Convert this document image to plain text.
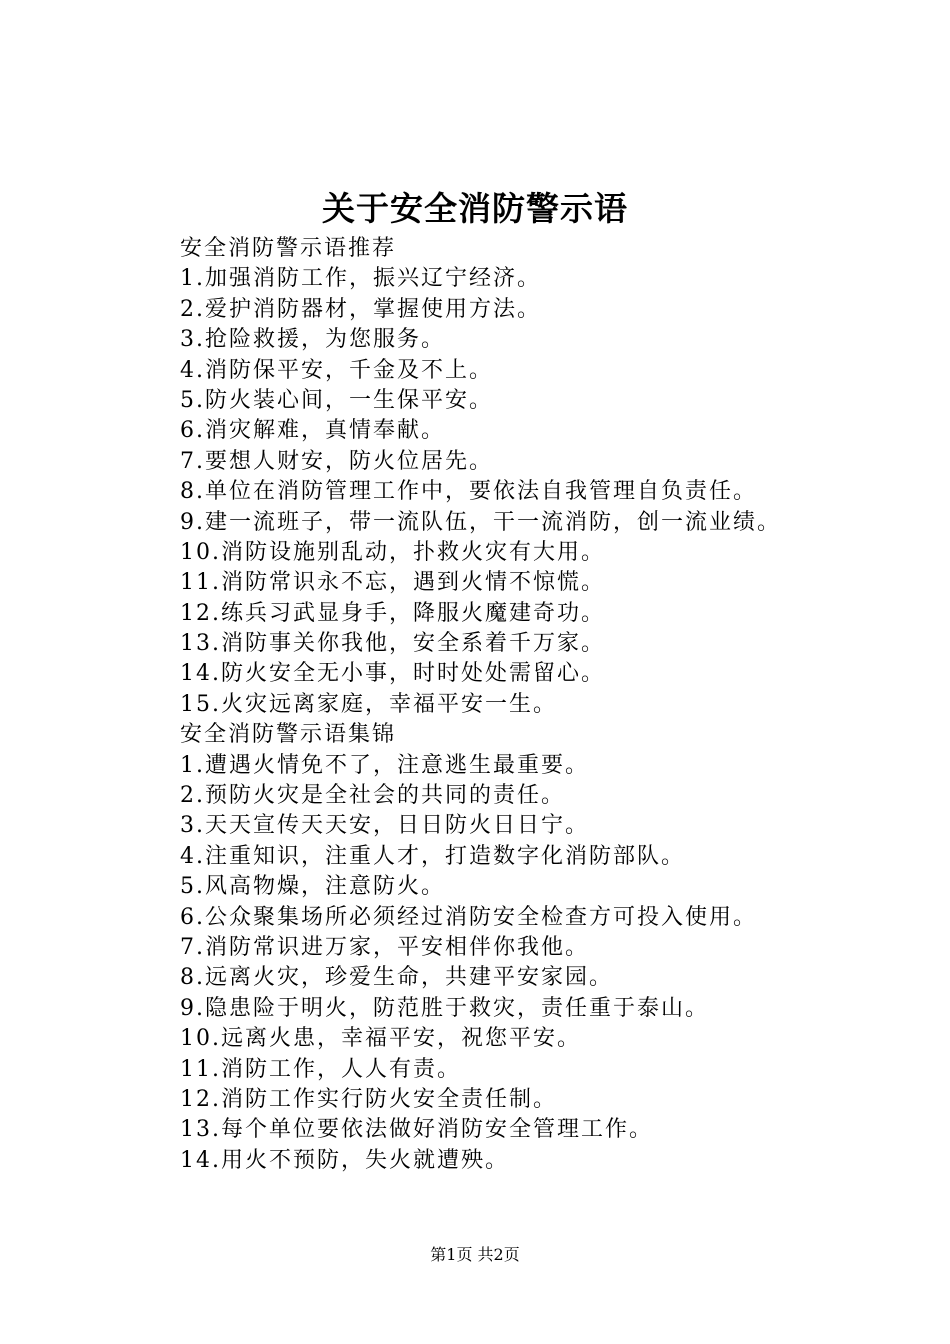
关于安全消防警示语
安全消防警示语推荐
1.加强消防工作，振兴辽宁经济。
2.爱护消防器材，掌握使用方法。
3.抢险救援，为您服务。
4.消防保平安，千金及不上。
5.防火装心间，一生保平安。
6.消灾解难，真情奉献。
7.要想人财安，防火位居先。
8.单位在消防管理工作中，要依法自我管理自负责任。
9.建一流班子，带一流队伍，干一流消防，创一流业绩。
10.消防设施别乱动，扑救火灾有大用。
11.消防常识永不忘，遇到火情不惊慌。
12.练兵习武显身手，降服火魔建奇功。
13.消防事关你我他，安全系着千万家。
14.防火安全无小事，时时处处需留心。
15.火灾远离家庭，幸福平安一生。
安全消防警示语集锦
1.遭遇火情免不了，注意逃生最重要。
2.预防火灾是全社会的共同的责任。
3.天天宣传天天安，日日防火日日宁。
4.注重知识，注重人才，打造数字化消防部队。
5.风高物燥，注意防火。
6.公众聚集场所必须经过消防安全检查方可投入使用。
7.消防常识进万家，平安相伴你我他。
8.远离火灾，珍爱生命，共建平安家园。
9.隐患险于明火，防范胜于救灾，责任重于泰山。
10.远离火患，幸福平安，祝您平安。
11.消防工作，人人有责。
12.消防工作实行防火安全责任制。
13.每个单位要依法做好消防安全管理工作。
14.用火不预防，失火就遭殃。
第1页 共2页
